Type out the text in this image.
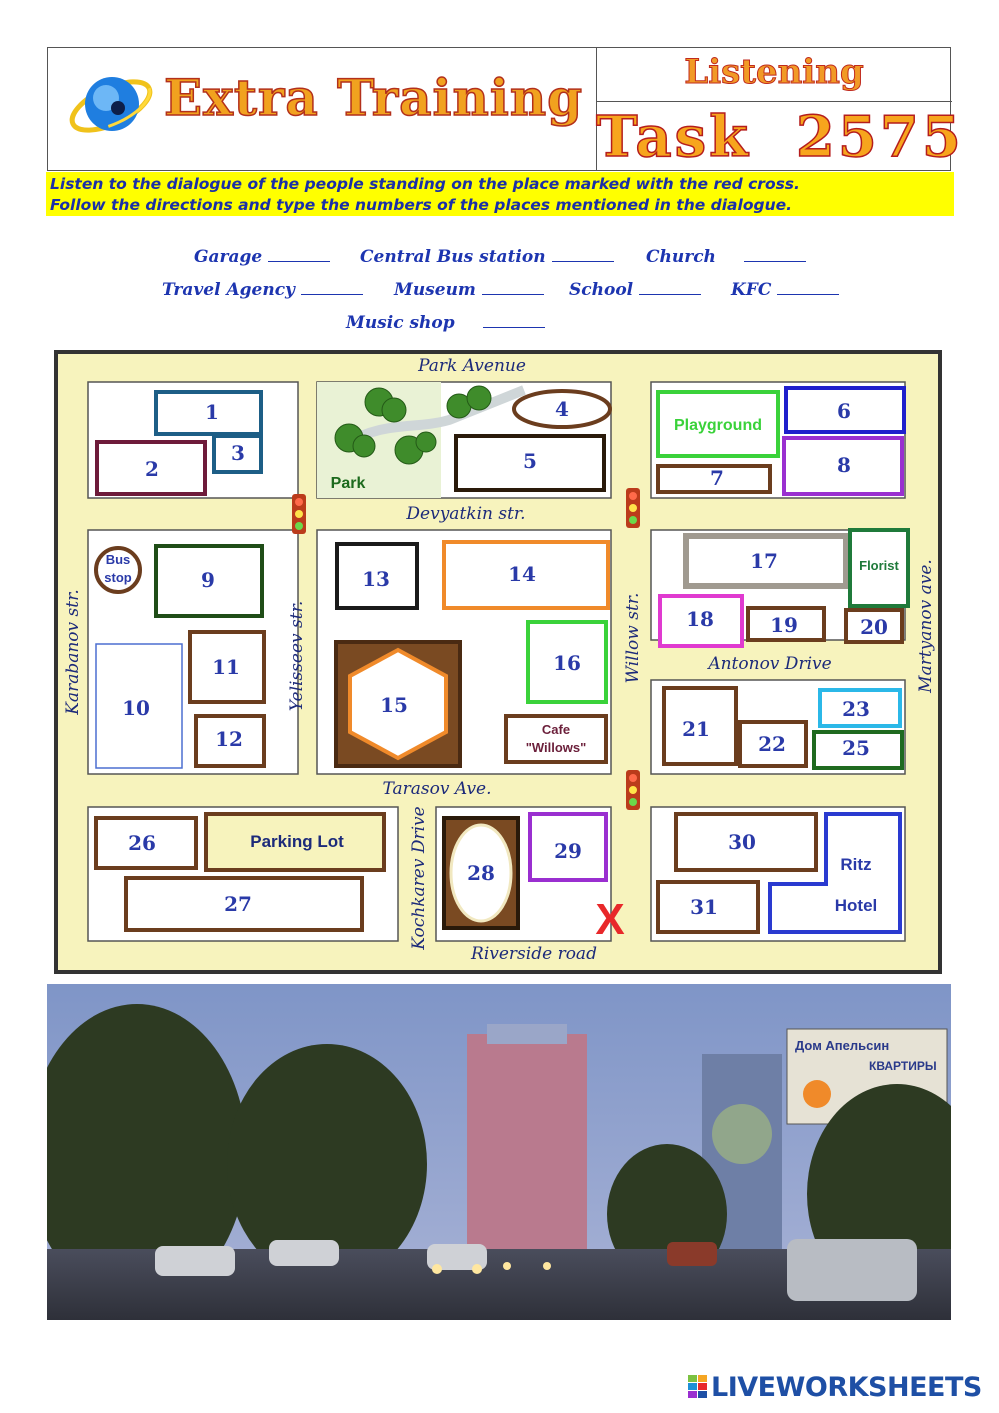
Extra Training	Listening
Task  2575
Listen to the dialogue of the people standing on the place marked with the red cross.
Follow the directions and type the numbers of the places mentioned in the dialogue.
Garage	Central Bus station	Church
Travel Agency	Museum	School	KFC
Music shop
1
2
3
4
5
6
7
8
9
10
11
12
13	14
15
16
17
18	19	20
21
22
23
25
26
27
28
29	30
31
Park
Playground
Bus
stop
Florist
Cafe
"Willows"
Parking Lot
Ritz
Hotel
Park Avenue
Devyatkin str.
Antonov Drive
Tarasov Ave.
Riverside road
Karabanov str.	Yelisseev str.	Willow str.	Martyanov ave.
Kochkarev Drive	X
Дом Апельсин
КВАРТИРЫ
LIVEWORKSHEETS
